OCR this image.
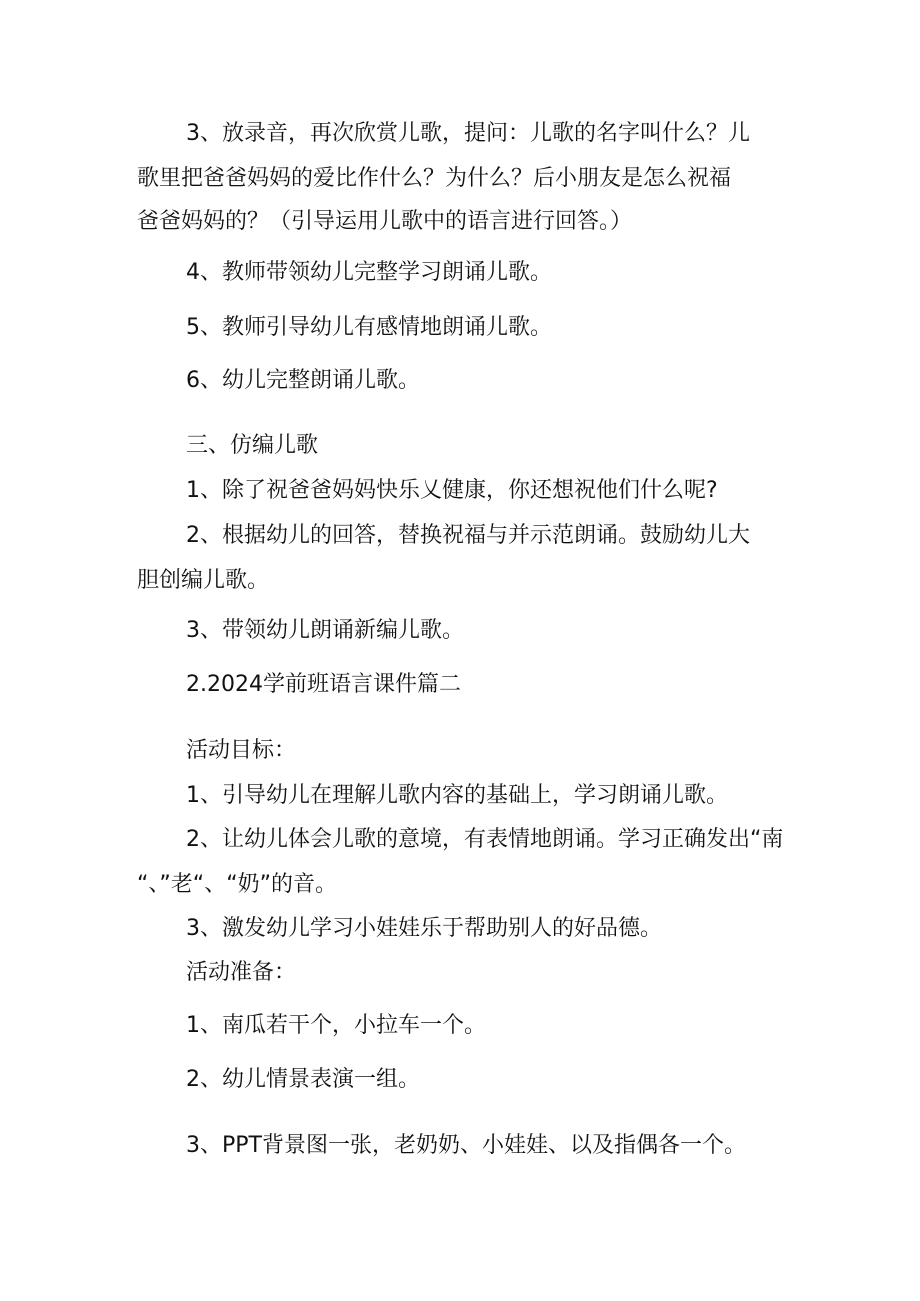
3、放录音，再次欣赏儿歌，提问：儿歌的名字叫什么？儿
歌里把爸爸妈妈的爱比作什么？为什么？后小朋友是怎么祝福
爸爸妈妈的？（引导运用儿歌中的语言进行回答。）
4、教师带领幼儿完整学习朗诵儿歌。
5、教师引导幼儿有感情地朗诵儿歌。
6、幼儿完整朗诵儿歌。
三、仿编儿歌
1、除了祝爸爸妈妈快乐乂健康，你还想祝他们什么呢?
2、根据幼儿的回答，替换祝福与并示范朗诵。鼓励幼儿大
胆创编儿歌。
3、带领幼儿朗诵新编儿歌。
2.2024学前班语言课件篇二
活动目标：
1、引导幼儿在理解儿歌内容的基础上，学习朗诵儿歌。
2、让幼儿体会儿歌的意境，有表情地朗诵。学习正确发出“南
“、”老“、“奶”的音。
3、激发幼儿学习小娃娃乐于帮助别人的好品德。
活动准备：
1、南瓜若干个，小拉车一个。
2、幼儿情景表演一组。
3、PPT背景图一张，老奶奶、小娃娃、以及指偶各一个。
